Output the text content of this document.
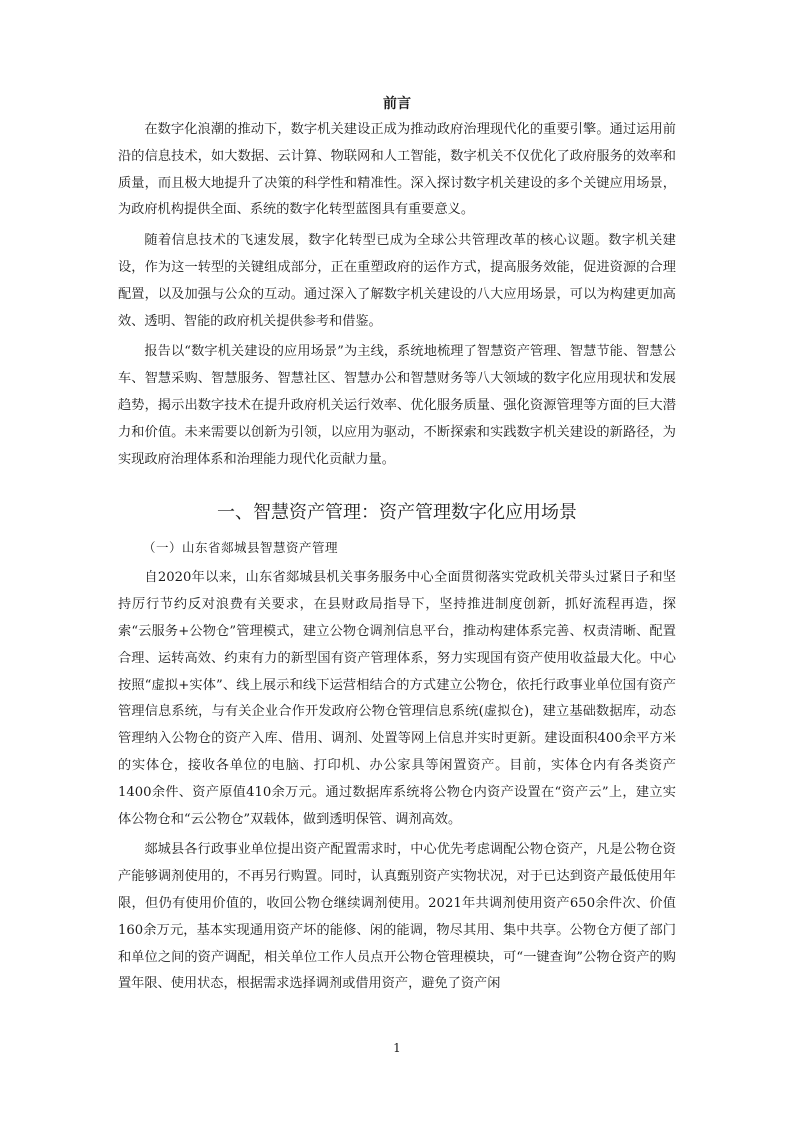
前言

在数字化浪潮的推动下，数字机关建设正成为推动政府治理现代化的重要引擎。通过运用前沿的信息技术，如大数据、云计算、物联网和人工智能，数字机关不仅优化了政府服务的效率和质量，而且极大地提升了决策的科学性和精准性。深入探讨数字机关建设的多个关键应用场景，为政府机构提供全面、系统的数字化转型蓝图具有重要意义。

随着信息技术的飞速发展，数字化转型已成为全球公共管理改革的核心议题。数字机关建设，作为这一转型的关键组成部分，正在重塑政府的运作方式，提高服务效能，促进资源的合理配置，以及加强与公众的互动。通过深入了解数字机关建设的八大应用场景，可以为构建更加高效、透明、智能的政府机关提供参考和借鉴。

报告以“数字机关建设的应用场景”为主线，系统地梳理了智慧资产管理、智慧节能、智慧公车、智慧采购、智慧服务、智慧社区、智慧办公和智慧财务等八大领域的数字化应用现状和发展趋势，揭示出数字技术在提升政府机关运行效率、优化服务质量、强化资源管理等方面的巨大潜力和价值。未来需要以创新为引领，以应用为驱动，不断探索和实践数字机关建设的新路径，为实现政府治理体系和治理能力现代化贡献力量。

一、智慧资产管理：资产管理数字化应用场景
（一）山东省郯城县智慧资产管理

自2020年以来，山东省郯城县机关事务服务中心全面贯彻落实党政机关带头过紧日子和坚持厉行节约反对浪费有关要求，在县财政局指导下，坚持推进制度创新，抓好流程再造，探索“云服务+公物仓”管理模式，建立公物仓调剂信息平台，推动构建体系完善、权责清晰、配置合理、运转高效、约束有力的新型国有资产管理体系，努力实现国有资产使用收益最大化。中心按照“虚拟+实体”、线上展示和线下运营相结合的方式建立公物仓，依托行政事业单位国有资产管理信息系统，与有关企业合作开发政府公物仓管理信息系统(虚拟仓)，建立基础数据库，动态管理纳入公物仓的资产入库、借用、调剂、处置等网上信息并实时更新。建设面积400余平方米的实体仓，接收各单位的电脑、打印机、办公家具等闲置资产。目前，实体仓内有各类资产1400余件、资产原值410余万元。通过数据库系统将公物仓内资产设置在“资产云”上，建立实体公物仓和“云公物仓”双载体，做到透明保管、调剂高效。

郯城县各行政事业单位提出资产配置需求时，中心优先考虑调配公物仓资产，凡是公物仓资产能够调剂使用的，不再另行购置。同时，认真甄别资产实物状况，对于已达到资产最低使用年限，但仍有使用价值的，收回公物仓继续调剂使用。2021年共调剂使用资产650余件次、价值160余万元，基本实现通用资产坏的能修、闲的能调，物尽其用、集中共享。公物仓方便了部门和单位之间的资产调配，相关单位工作人员点开公物仓管理模块，可“一键查询”公物仓资产的购置年限、使用状态，根据需求选择调剂或借用资产，避免了资产闲

1
